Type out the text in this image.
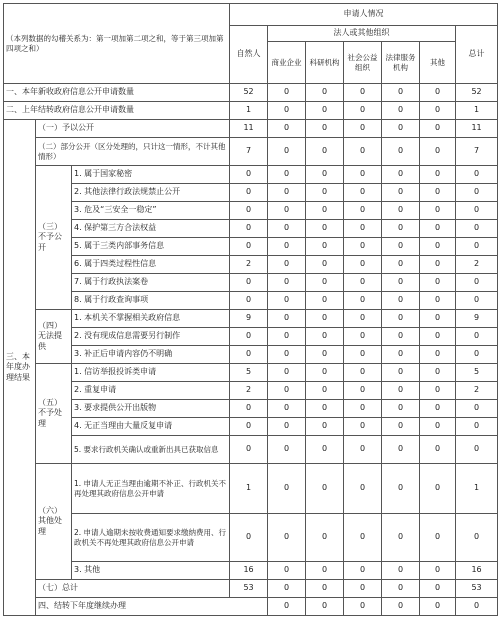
（本列数据的勾稽关系为：第一项加第二项之和，等于第三项加第四项之和）			申请人情况							
			自然人	法人或其他组织					总计	
				商业企业	科研机构	社会公益组织	法律服务机构	其他		
一、本年新收政府信息公开申请数量			52	0	0	0	0	0	52	
二、上年结转政府信息公开申请数量			1	0	0	0	0	0	1	
三、本年度办理结果	（一）予以公开		11	0	0	0	0	0	11	
	（二）部分公开（区分处理的，只计这一情形，不计其他情形）		7	0	0	0	0	0	7	
	（三）不予公开	1. 属于国家秘密	0	0	0	0	0	0	0	
		2. 其他法律行政法规禁止公开	0	0	0	0	0	0	0	
		3. 危及“三安全一稳定”	0	0	0	0	0	0	0	
		4. 保护第三方合法权益	0	0	0	0	0	0	0	
		5. 属于三类内部事务信息	0	0	0	0	0	0	0	
		6. 属于四类过程性信息	2	0	0	0	0	0	2	
		7. 属于行政执法案卷	0	0	0	0	0	0	0	
		8. 属于行政查询事项	0	0	0	0	0	0	0	
	（四）无法提供	1. 本机关不掌握相关政府信息	9	0	0	0	0	0	9	
		2. 没有现成信息需要另行制作	0	0	0	0	0	0	0	
		3. 补正后申请内容仍不明确	0	0	0	0	0	0	0	
	（五）不予处理	1. 信访举报投诉类申请	5	0	0	0	0	0	5	
		2. 重复申请	2	0	0	0	0	0	2	
		3. 要求提供公开出版物	0	0	0	0	0	0	0	
		4. 无正当理由大量反复申请	0	0	0	0	0	0	0	
		5. 要求行政机关确认或重新出具已获取信息	0	0	0	0	0	0	0	
	（六）其他处理	1. 申请人无正当理由逾期不补正、行政机关不再处理其政府信息公开申请	1	0	0	0	0	0	1	
		2. 申请人逾期未按收费通知要求缴纳费用、行政机关不再处理其政府信息公开申请	0	0	0	0	0	0	0	
		3. 其他	16	0	0	0	0	0	16	
	（七）总计		53	0	0	0	0	0	53	
	四、结转下年度继续办理			0	0	0	0	0	0	
